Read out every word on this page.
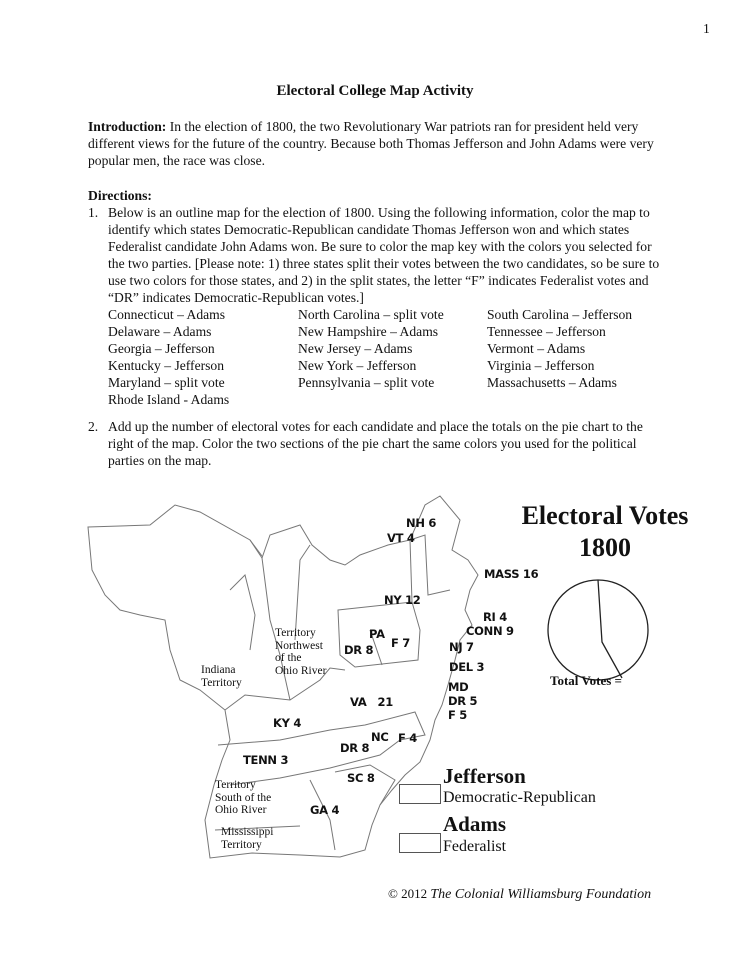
1
Electoral College Map Activity
Introduction: In the election of 1800, the two Revolutionary War patriots ran for president held very different views for the future of the country. Because both Thomas Jefferson and John Adams were very popular men, the race was close.
Directions:
1. Below is an outline map for the election of 1800. Using the following information, color the map to identify which states Democratic-Republican candidate Thomas Jefferson won and which states Federalist candidate John Adams won. Be sure to color the map key with the colors you selected for the two parties. [Please note: 1) three states split their votes between the two candidates, so be sure to use two colors for those states, and 2) in the split states, the letter “F” indicates Federalist votes and “DR” indicates Democratic-Republican votes.]
Connecticut – Adams
Delaware – Adams
Georgia – Jefferson
Kentucky – Jefferson
Maryland – split vote
Rhode Island - Adams
North Carolina – split vote
New Hampshire – Adams
New Jersey – Adams
New York – Jefferson
Pennsylvania – split vote
South Carolina – Jefferson
Tennessee – Jefferson
Vermont – Adams
Virginia – Jefferson
Massachusetts – Adams
2. Add up the number of electoral votes for each candidate and place the totals on the pie chart to the right of the map. Color the two sections of the pie chart the same colors you used for the political parties on the map.
NH 6
VT 4
MASS 16
NY 12
RI 4
CONN 9
PA
F 7
DR 8	NJ 7
DEL 3
MD
DR 5
F 5
VA   21
KY 4
NC F 4
DR 8
TENN 3
SC 8
GA 4
Territory
Northwest
of the
Ohio River
Indiana
Territory
Territory
South of the
Ohio River
Mississippi
Territory
Electoral Votes
1800
Total Votes =
Jefferson
Democratic-Republican
Adams
Federalist
© 2012 The Colonial Williamsburg Foundation
